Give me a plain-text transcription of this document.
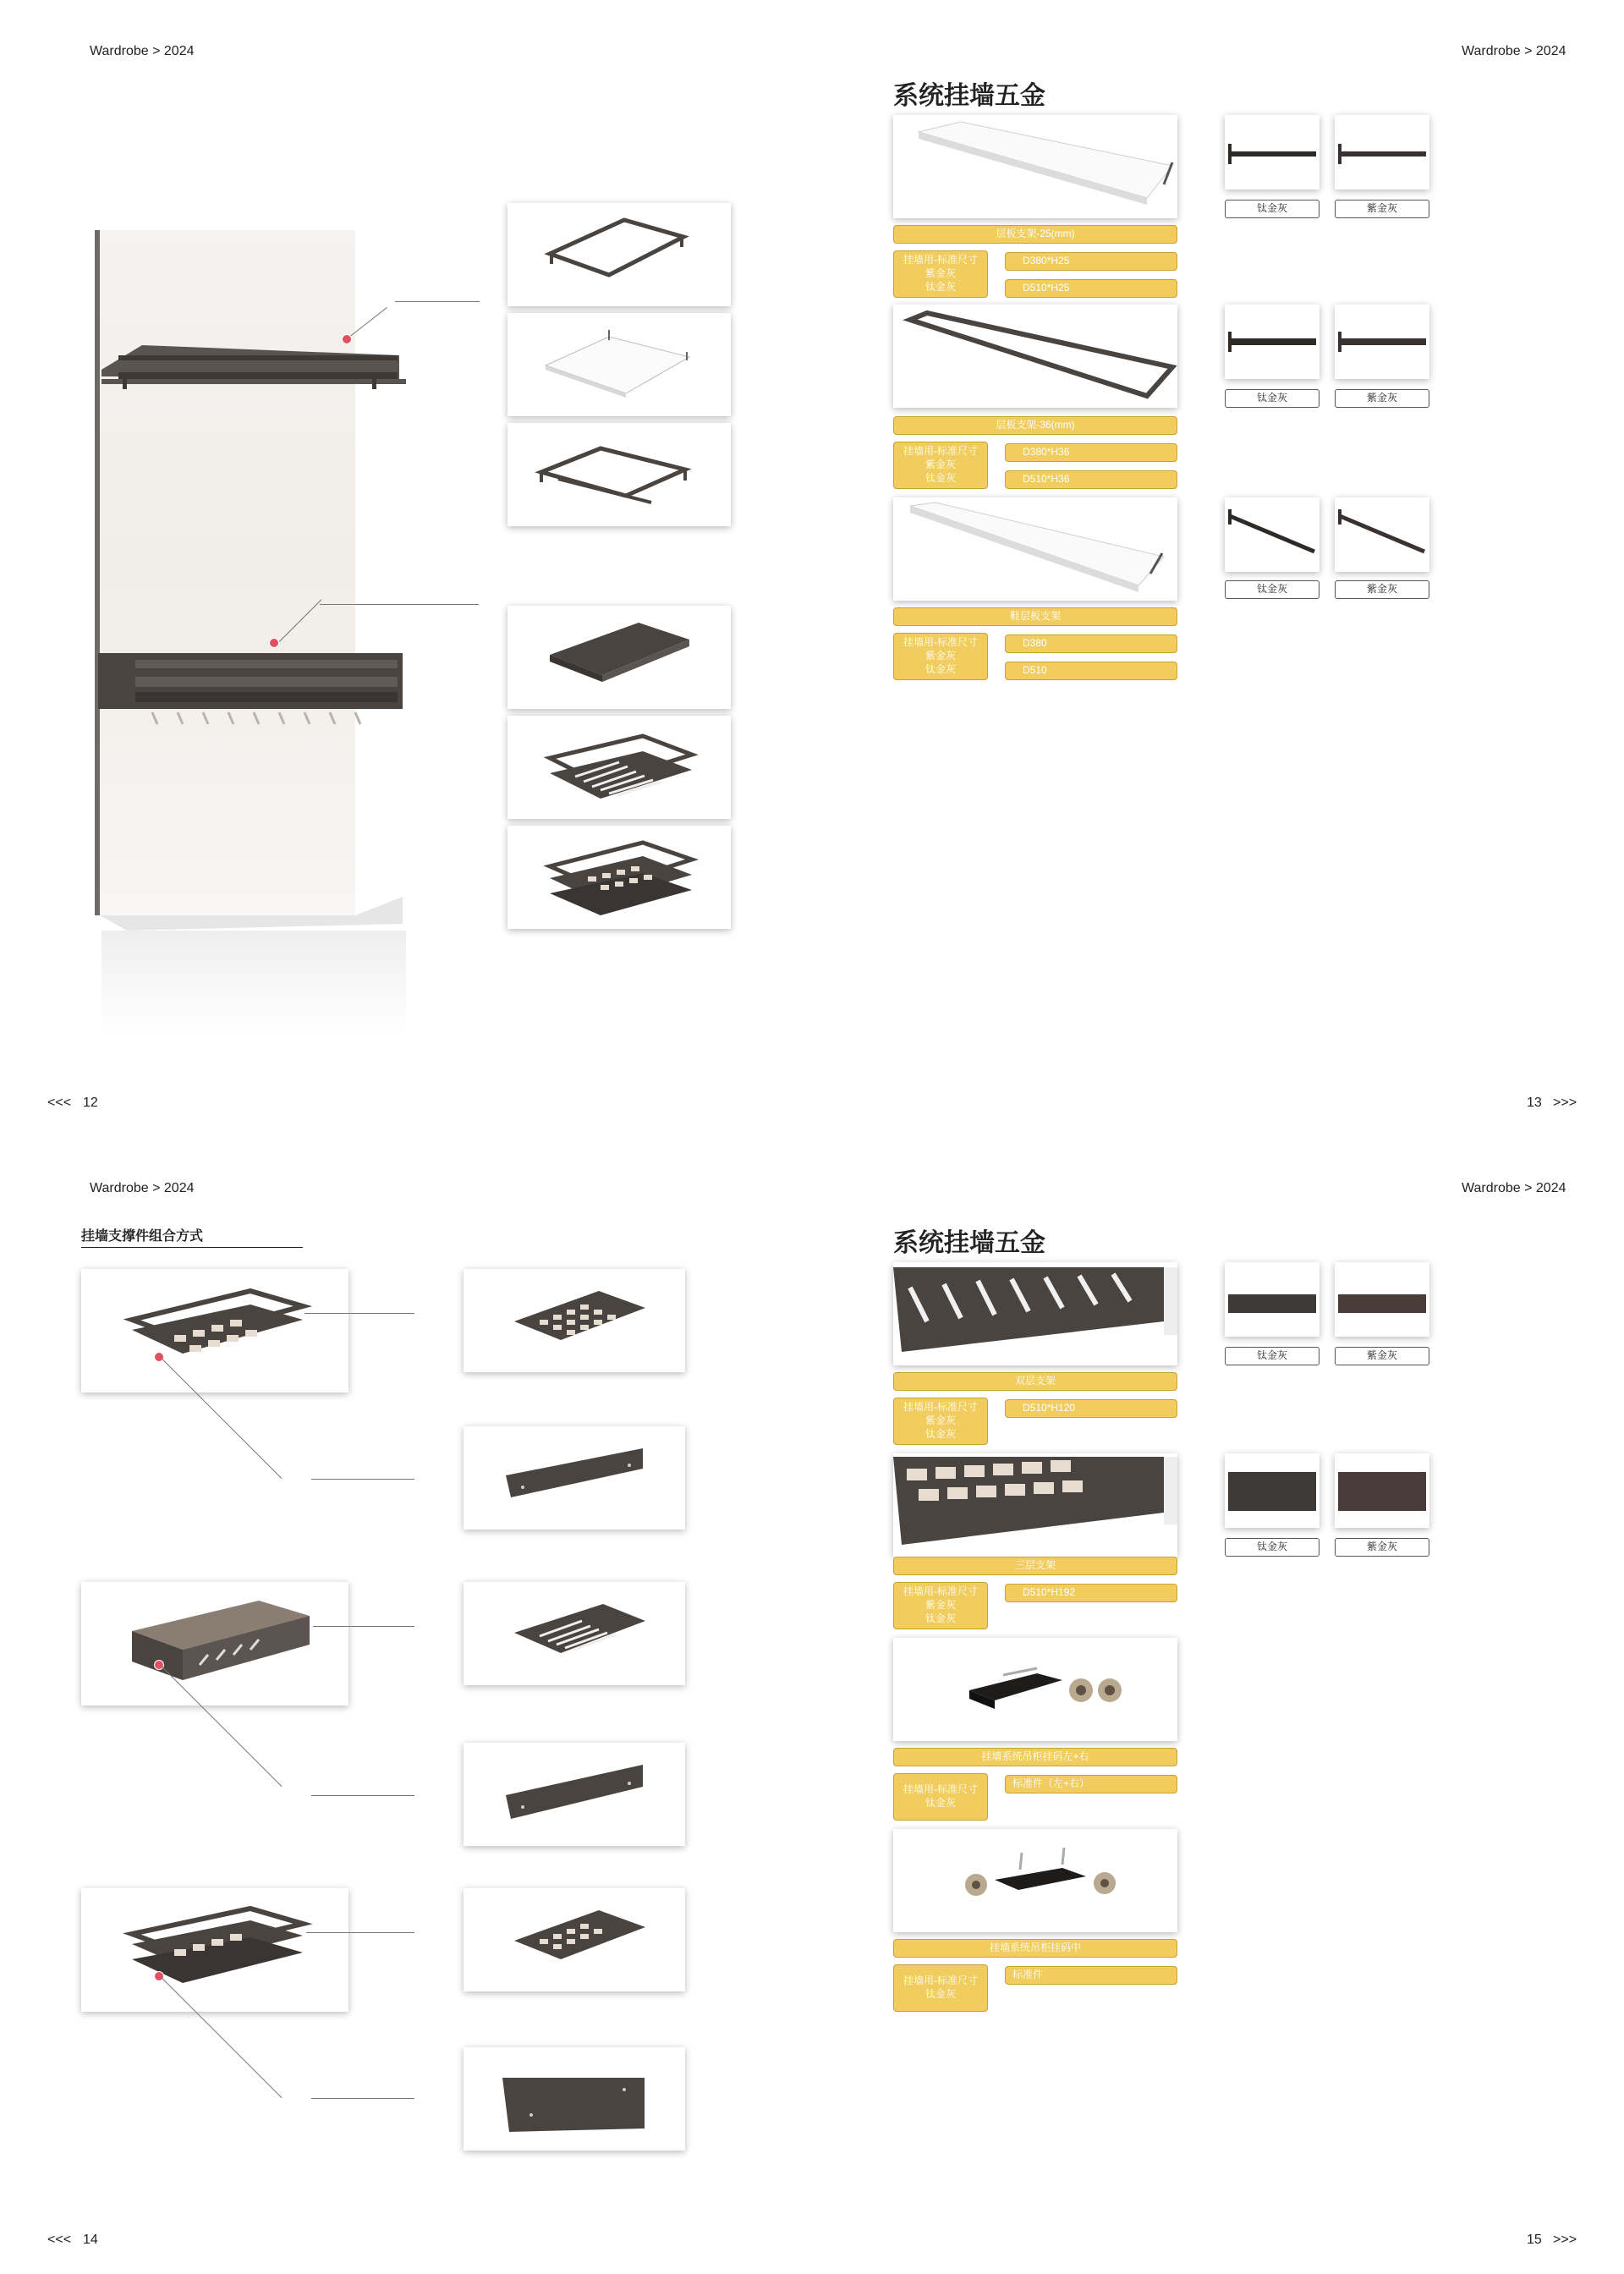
Wardrobe > 2024
<<< 12
Wardrobe > 2024
系统挂墙五金
钛金灰	紫金灰
层板支架-25(mm)
挂墙用-标准尺寸
紫金灰
钛金灰
D380*H25
D510*H25
钛金灰	紫金灰
层板支架-36(mm)
挂墙用-标准尺寸
紫金灰
钛金灰
D380*H36
D510*H36
钛金灰	紫金灰
鞋层板支架
挂墙用-标准尺寸
紫金灰
钛金灰
D380
D510
13 >>>
Wardrobe > 2024
挂墙支撑件组合方式
<<< 14
Wardrobe > 2024
系统挂墙五金
钛金灰	紫金灰
双层支架
挂墙用-标准尺寸
紫金灰
钛金灰
D510*H120
钛金灰	紫金灰
三层支架
挂墙用-标准尺寸
紫金灰
钛金灰
D510*H192
挂墙系统吊柜挂码左+右
挂墙用-标准尺寸
钛金灰
标准件（左+右）
挂墙系统吊柜挂码中
挂墙用-标准尺寸
钛金灰
标准件
15 >>>
